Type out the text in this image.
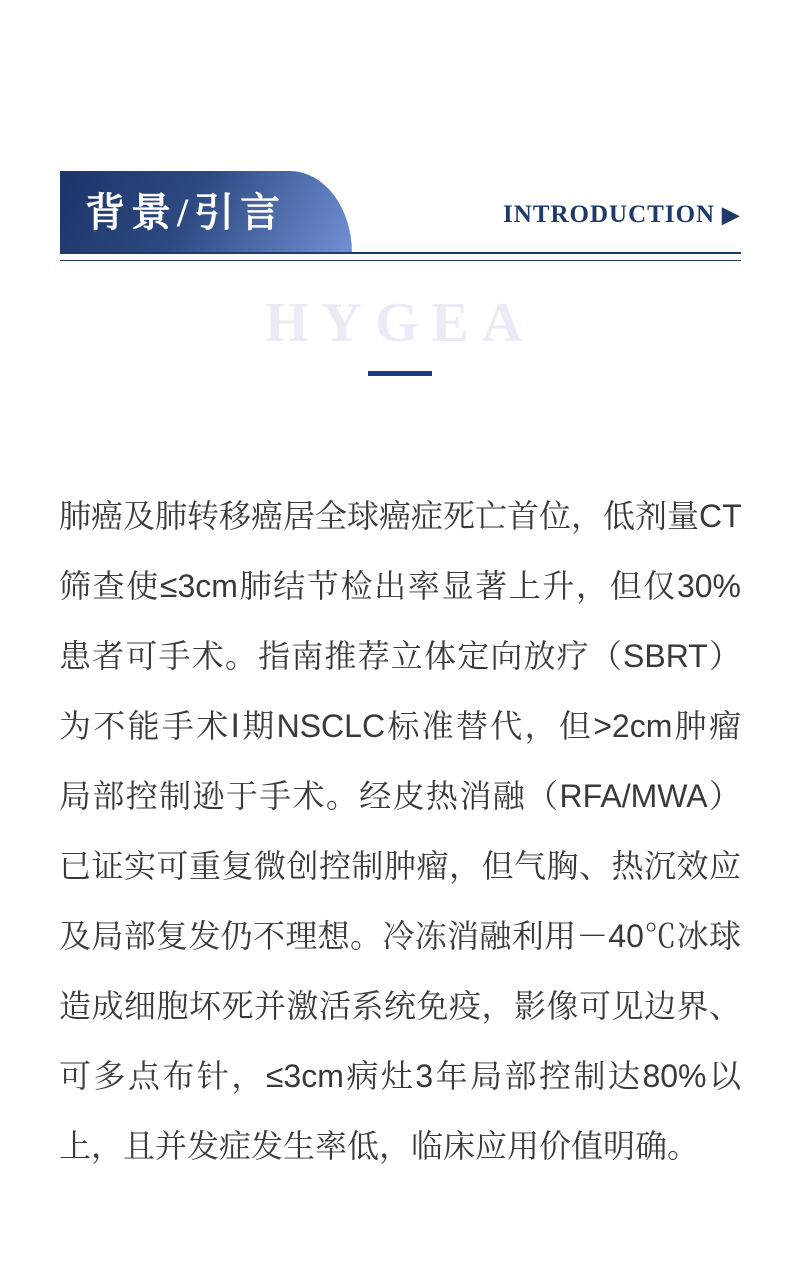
背景/引言	INTRODUCTION ▶
HYGEA
肺癌及肺转移癌居全球癌症死亡首位，低剂量CT
筛查使≤3cm肺结节检出率显著上升，但仅30%
患者可手术。指南推荐立体定向放疗（SBRT）
为不能手术Ⅰ期NSCLC标准替代，但>2cm肿瘤
局部控制逊于手术。经皮热消融（RFA/MWA）
已证实可重复微创控制肿瘤，但气胸、热沉效应
及局部复发仍不理想。冷冻消融利用－40℃冰球
造成细胞坏死并激活系统免疫，影像可见边界、
可多点布针，≤3cm病灶3年局部控制达80%以
上，且并发症发生率低，临床应用价值明确。
